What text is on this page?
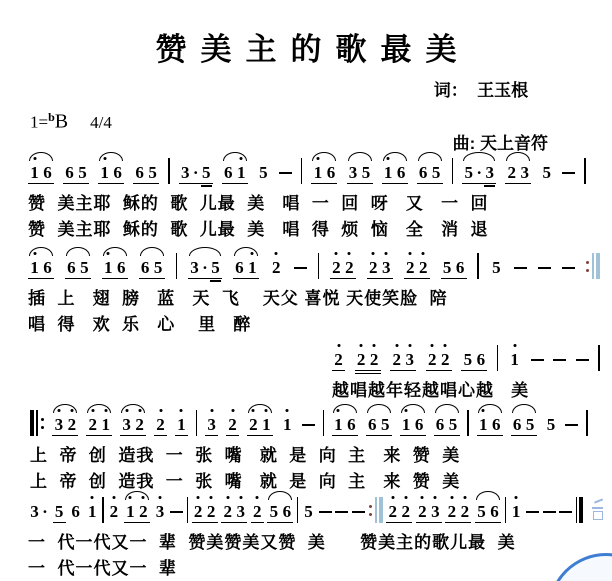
赞美主的歌最美
词：  王玉根

曲: 天上音符

1=$^b$B 4/4
1 6 6 5 1 6 6 5 3 · 5 6 1 5	1 6 3 5 1 6 6 5 5 · 3 2 3 5
赞  美主耶  稣的  歌  儿最  美   唱  一  回  呀   又   一  回
赞  美主耶  稣的  歌  儿最  美   唱  得  烦  恼   全   消  退
1 6 6 5 1 6 6 5 3 · 5 6 1 2	2 2 2 3 2 2 5 6 5
插  上   翅  膀   蓝   天  飞    天父 喜悦 天使笑脸  陪
唱  得   欢  乐   心    里   醉
2 2 2 2 3 2 2 5 6 1
越唱越年轻越唱心越   美
3 2 2 1 3 2 2 1 3 2 2 1 1	1 6 6 5 1 6 6 5 1 6 6 5 5
上  帝  创  造我  一  张  嘴   就  是  向  主   来  赞  美
上  帝  创  造我  一  张  嘴   就  是  向  主   来  赞  美
3 · 5 6 1 2 1 2 3 2 2 2 3 2 5 6 5	2 2 2 3 2 2 5 6 1
一  代一代又一  辈  赞美赞美又赞  美      赞美主的歌儿最  美
一  代一代又一  辈
